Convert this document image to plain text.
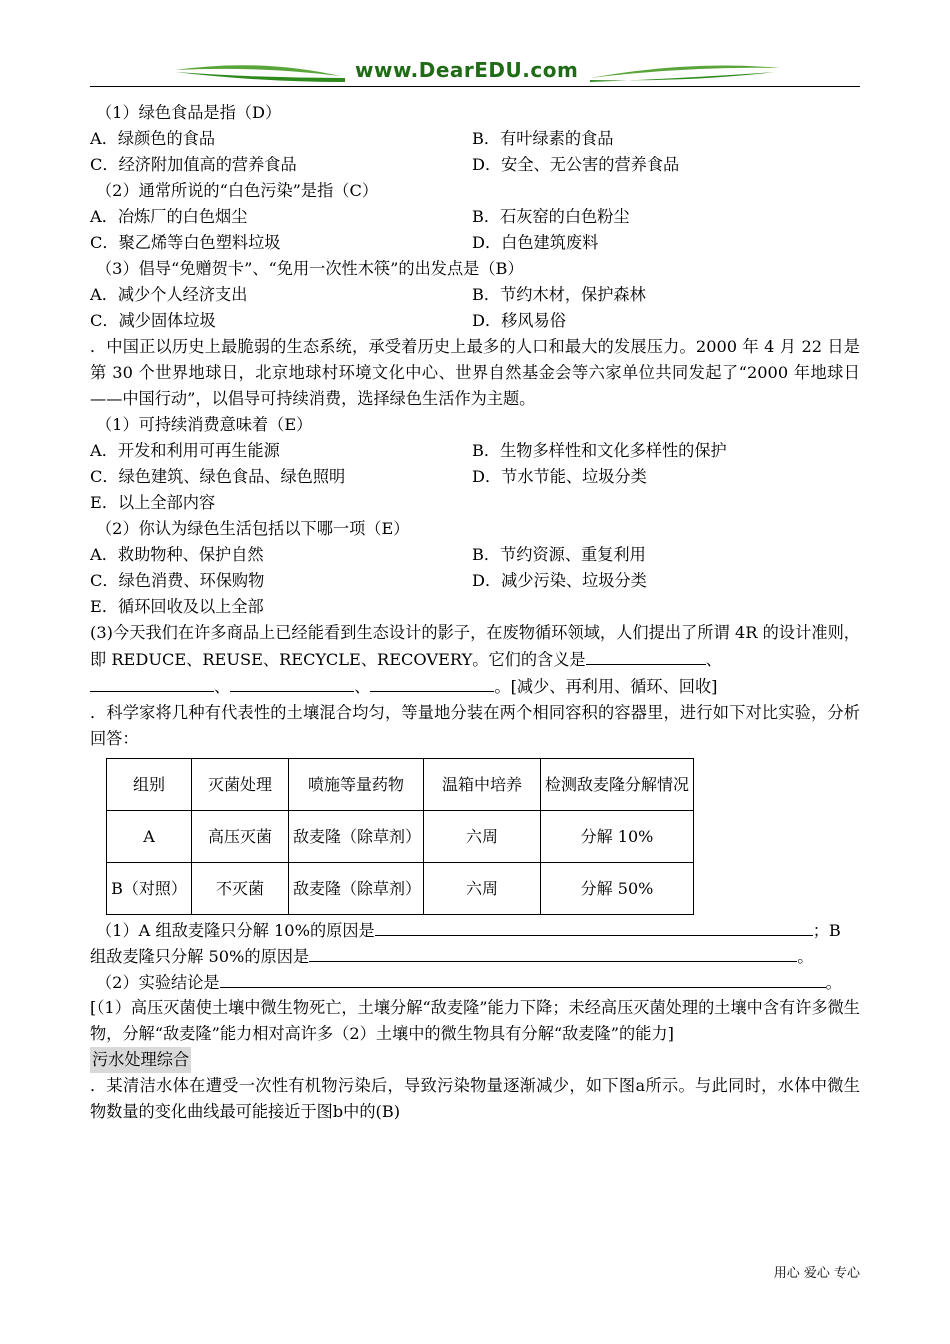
www.DearEDU.com
（1）绿色食品是指（D）
A．绿颜色的食品	B．有叶绿素的食品
C．经济附加值高的营养食品	D．安全、无公害的营养食品
（2）通常所说的“白色污染”是指（C）
A．冶炼厂的白色烟尘	B．石灰窑的白色粉尘
C．聚乙烯等白色塑料垃圾	D．白色建筑废料
（3）倡导“免赠贺卡”、“免用一次性木筷”的出发点是（B）
A．减少个人经济支出	B．节约木材，保护森林
C．减少固体垃圾	D．移风易俗
．中国正以历史上最脆弱的生态系统，承受着历史上最多的人口和最大的发展压力。2000 年 4 月 22 日是第 30 个世界地球日，北京地球村环境文化中心、世界自然基金会等六家单位共同发起了“2000 年地球日——中国行动”，以倡导可持续消费，选择绿色生活作为主题。
（1）可持续消费意味着（E）
A．开发和利用可再生能源	B．生物多样性和文化多样性的保护
C．绿色建筑、绿色食品、绿色照明	D．节水节能、垃圾分类
E．以上全部内容
（2）你认为绿色生活包括以下哪一项（E）
A．救助物种、保护自然	B．节约资源、重复利用
C．绿色消费、环保购物	D．减少污染、垃圾分类
E．循环回收及以上全部
(3)今天我们在许多商品上已经能看到生态设计的影子，在废物循环领域，人们提出了所谓 4R 的设计准则，即 REDUCE、REUSE、RECYCLE、RECOVERY。它们的含义是	、
、	、	。[减少、再利用、循环、回收]
．科学家将几种有代表性的土壤混合均匀，等量地分装在两个相同容积的容器里，进行如下对比实验，分析回答：
组别	灭菌处理	喷施等量药物	温箱中培养	检测敌麦隆分解情况
A	高压灭菌	敌麦隆（除草剂）	六周	分解 10%
B（对照）	不灭菌	敌麦隆（除草剂）	六周	分解 50%
（1）A 组敌麦隆只分解 10%的原因是	；B
组敌麦隆只分解 50%的原因是	。
（2）实验结论是	。
[（1）高压灭菌使土壤中微生物死亡，土壤分解“敌麦隆”能力下降；未经高压灭菌处理的土壤中含有许多微生物，分解“敌麦隆”能力相对高许多（2）土壤中的微生物具有分解“敌麦隆”的能力]
污水处理综合
．某清洁水体在遭受一次性有机物污染后，导致污染物量逐渐减少，如下图a所示。与此同时，水体中微生物数量的变化曲线最可能接近于图b中的(B)
用心 爱心 专心
